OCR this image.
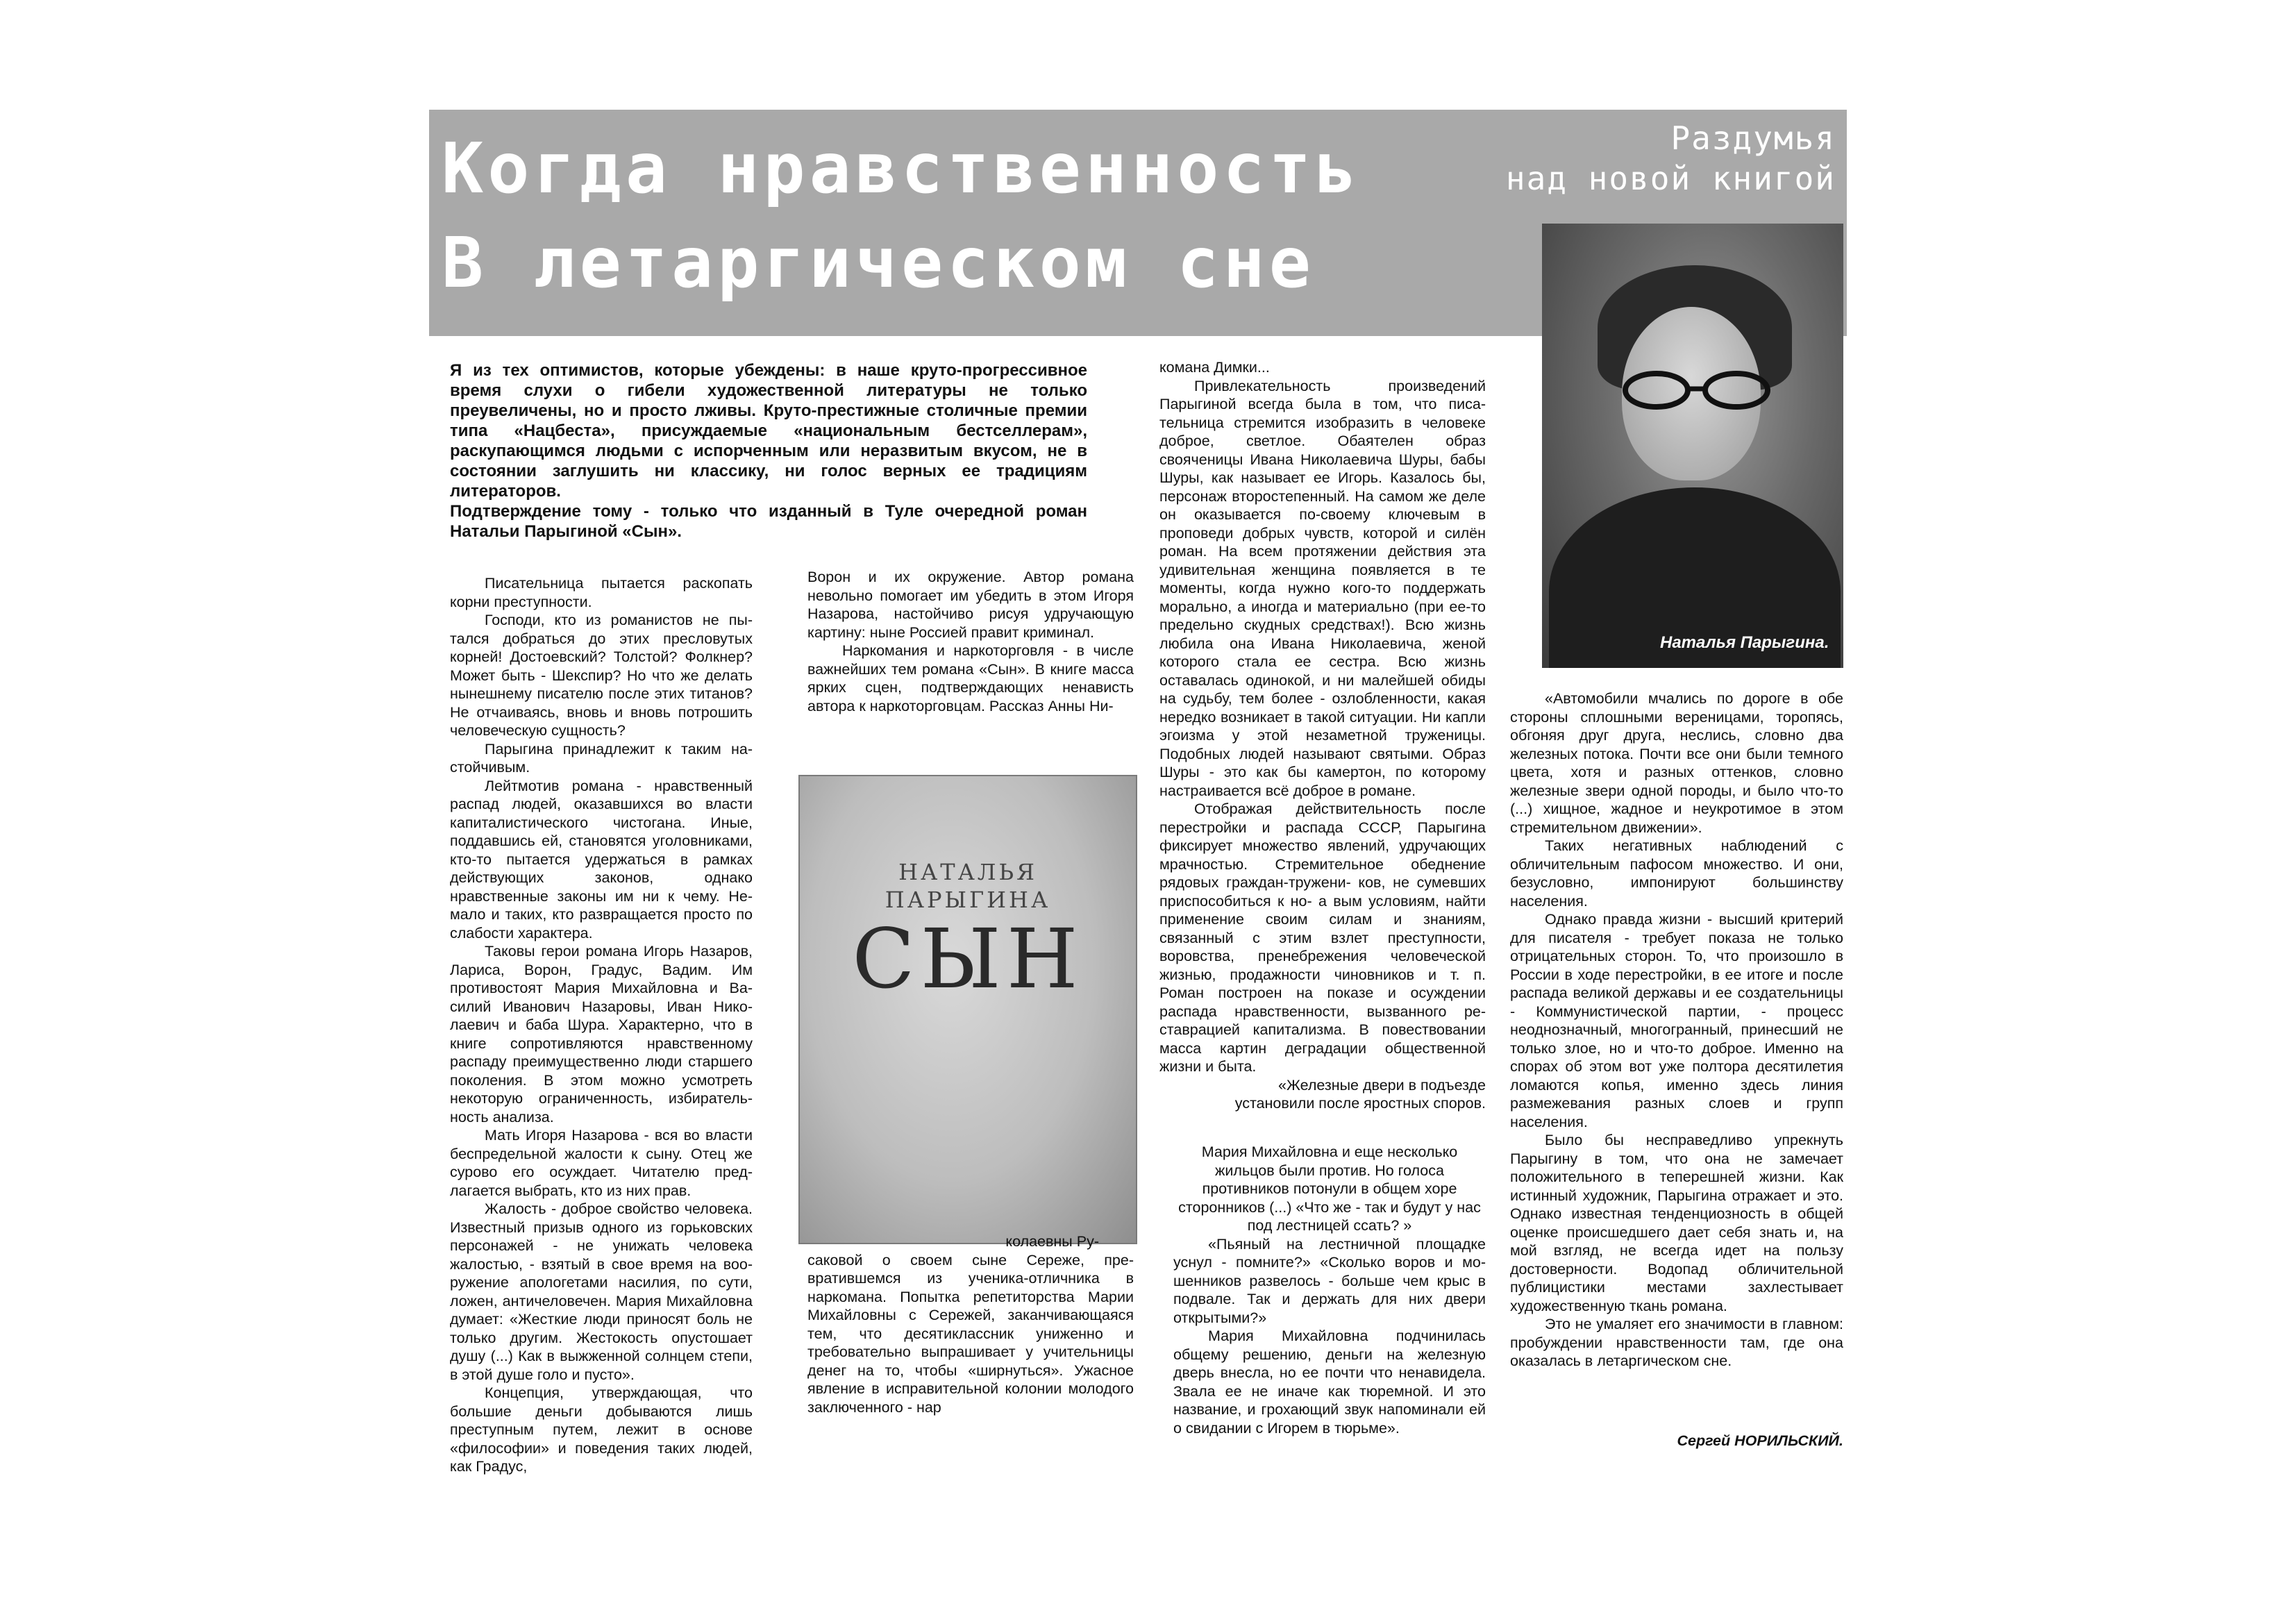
Когда нравственность
В летаргическом сне
Раздумья
над новой книгой
Наталья Парыгина.
НАТАЛЬЯ
ПАРЫГИНА
СЫН

Я из тех оптимистов, которые убеждены: в наше круто-прогрессивное время слухи о гибели художественной литературы не только преувеличены, но и просто лживы. Круто-престижные столичные премии типа «Нацбеста», присуждаемые «национальным бестселлерам», раскупающимся людьми с испорченным или неразвитым вкусом, не в состоянии заглушить ни классику, ни голос верных ее традициям литераторов.

Подтверждение тому - только что изданный в Туле очередной роман Натальи Парыгиной «Сын».

Писательница пытается раскопать корни преступности.

Господи, кто из романистов не пытался добраться до этих пресловутых корней! Достоевский? Толстой? Фолкнер? Может быть - Шекспир? Но что же делать нынешнему писателю после этих титанов? Не отчаиваясь, вновь и вновь потрошить человеческую сущность?

Парыгина принадлежит к таким настойчивым.

Лейтмотив романа - нравственный распад людей, оказавшихся во власти капиталистического чистогана. Иные, поддавшись ей, становятся уголовниками, кто-то пытается удержаться в рамках действующих законов, однако нравственные законы им ни к чему. Немало и таких, кто развращается просто по слабости характера.

Таковы герои романа Игорь Назаров, Лариса, Ворон, Градус, Вадим. Им противостоят Мария Михайловна и Василий Иванович Назаровы, Иван Николаевич и баба Шура. Характерно, что в книге сопротивляются нравственному распаду преимущественно люди старшего поколения. В этом можно усмотреть некоторую ограниченность, избирательность анализа.

Мать Игоря Назарова - вся во власти беспредельной жалости к сыну. Отец же сурово его осуждает. Читателю предлагается выбрать, кто из них прав.

Жалость - доброе свойство человека. Известный призыв одного из горьковских персонажей - не унижать человека жалостью, - взятый в свое время на вооружение апологетами насилия, по сути, ложен, античеловечен. Мария Михайловна думает: «Жесткие люди приносят боль не только другим. Жестокость опустошает душу (...) Как в выжженной солнцем степи, в этой душе голо и пусто».

Концепция, утверждающая, что большие деньги добываются лишь преступным путем, лежит в основе «философии» и поведения таких людей, как Градус,

Ворон и их окружение. Автор романа невольно помогает им убедить в этом Игоря Назарова, настойчиво рисуя удручающую картину: ныне Россией правит криминал.

Наркомания и наркоторговля - в числе важнейших тем романа «Сын». В книге масса ярких сцен, подтверждающих ненависть автора к наркоторговцам. Рассказ Анны Ни-

колаевны Ру-

саковой о своем сыне Сереже, превратившемся из ученика-отличника в наркомана. Попытка репетиторства Марии Михайловны с Сережей, заканчивающаяся тем, что десятиклассник униженно и требовательно выпрашивает у учительницы денег на то, чтобы «ширнуться». Ужасное явление в исправительной колонии молодого заключенного - нар

комана Димки...

Привлекательность произведений Парыгиной всегда была в том, что писательница стремится изобразить в человеке доброе, светлое. Обаятелен образ свояченицы Ивана Николаевича Шуры, бабы Шуры, как называет ее Игорь. Казалось бы, персонаж второстепенный. На самом же деле он оказывается по-своему ключевым в проповеди добрых чувств, которой и силён роман. На всем протяжении действия эта удивительная женщина появляется в те моменты, когда нужно кого-то поддержать морально, а иногда и материально (при ее-то предельно скудных средствах!). Всю жизнь любила она Ивана Николаевича, женой которого стала ее сестра. Всю жизнь оставалась одинокой, и ни малейшей обиды на судьбу, тем более - озлобленности, какая нередко возникает в такой ситуации. Ни капли эгоизма у этой незаметной труженицы. Подобных людей называют святыми. Образ Шуры - это как бы камертон, по которому настраивается всё доброе в романе.

Отображая действительность после перестройки и распада СССР, Парыгина фиксирует множество явлений, удручающих мрачностью. Стремительное обеднение рядовых граждан-тружени- ков, не сумевших приспособиться к но- а вым условиям, найти применение своим силам и знаниям, связанный с этим взлет преступности, воровства, пренебрежения человеческой жизнью, продажности чиновников и т. п. Роман построен на показе и осуждении распада нравственности, вызванного реставрацией капитализма. В повествовании масса картин деградации общественной жизни и быта.

«Железные двери в подъезде

установили после яростных споров.

Мария Михайловна и еще несколько жильцов были против. Но голоса противников потонули в общем хоре сторонников (...) «Что же - так и будут у нас под лестницей ссать? »

«Пьяный на лестничной площадке уснул - помните?» «Сколько воров и мошенников развелось - больше чем крыс в подвале. Так и держать для них двери открытыми?»

Мария Михайловна подчинилась общему решению, деньги на железную дверь внесла, но ее почти что ненавидела. Звала ее не иначе как тюремной. И это название, и грохающий звук напоминали ей о свидании с Игорем в тюрьме».

«Автомобили мчались по дороге в обе стороны сплошными вереницами, торопясь, обгоняя друг друга, неслись, словно два железных потока. Почти все они были темного цвета, хотя и разных оттенков, словно железные звери одной породы, и было что-то (...) хищное, жадное и неукротимое в этом стремительном движении».

Таких негативных наблюдений с обличительным пафосом множество. И они, безусловно, импонируют большинству населения.

Однако правда жизни - высший критерий для писателя - требует показа не только отрицательных сторон. То, что произошло в России в ходе перестройки, в ее итоге и после распада великой державы и ее создательницы - Коммунистической партии, - процесс неоднозначный, многогранный, принесший не только злое, но и что-то доброе. Именно на спорах об этом вот уже полтора десятилетия ломаются копья, именно здесь линия размежевания разных слоев и групп населения.

Было бы несправедливо упрекнуть Парыгину в том, что она не замечает положительного в теперешней жизни. Как истинный художник, Парыгина отражает и это. Однако известная тенденциозность в общей оценке происшедшего дает себя знать и, на мой взгляд, не всегда идет на пользу достоверности. Водопад обличительной публицистики местами захлестывает художественную ткань романа.

Это не умаляет его значимости в главном: пробуждении нравственности там, где она оказалась в летаргическом сне.

Сергей НОРИЛЬСКИЙ.
